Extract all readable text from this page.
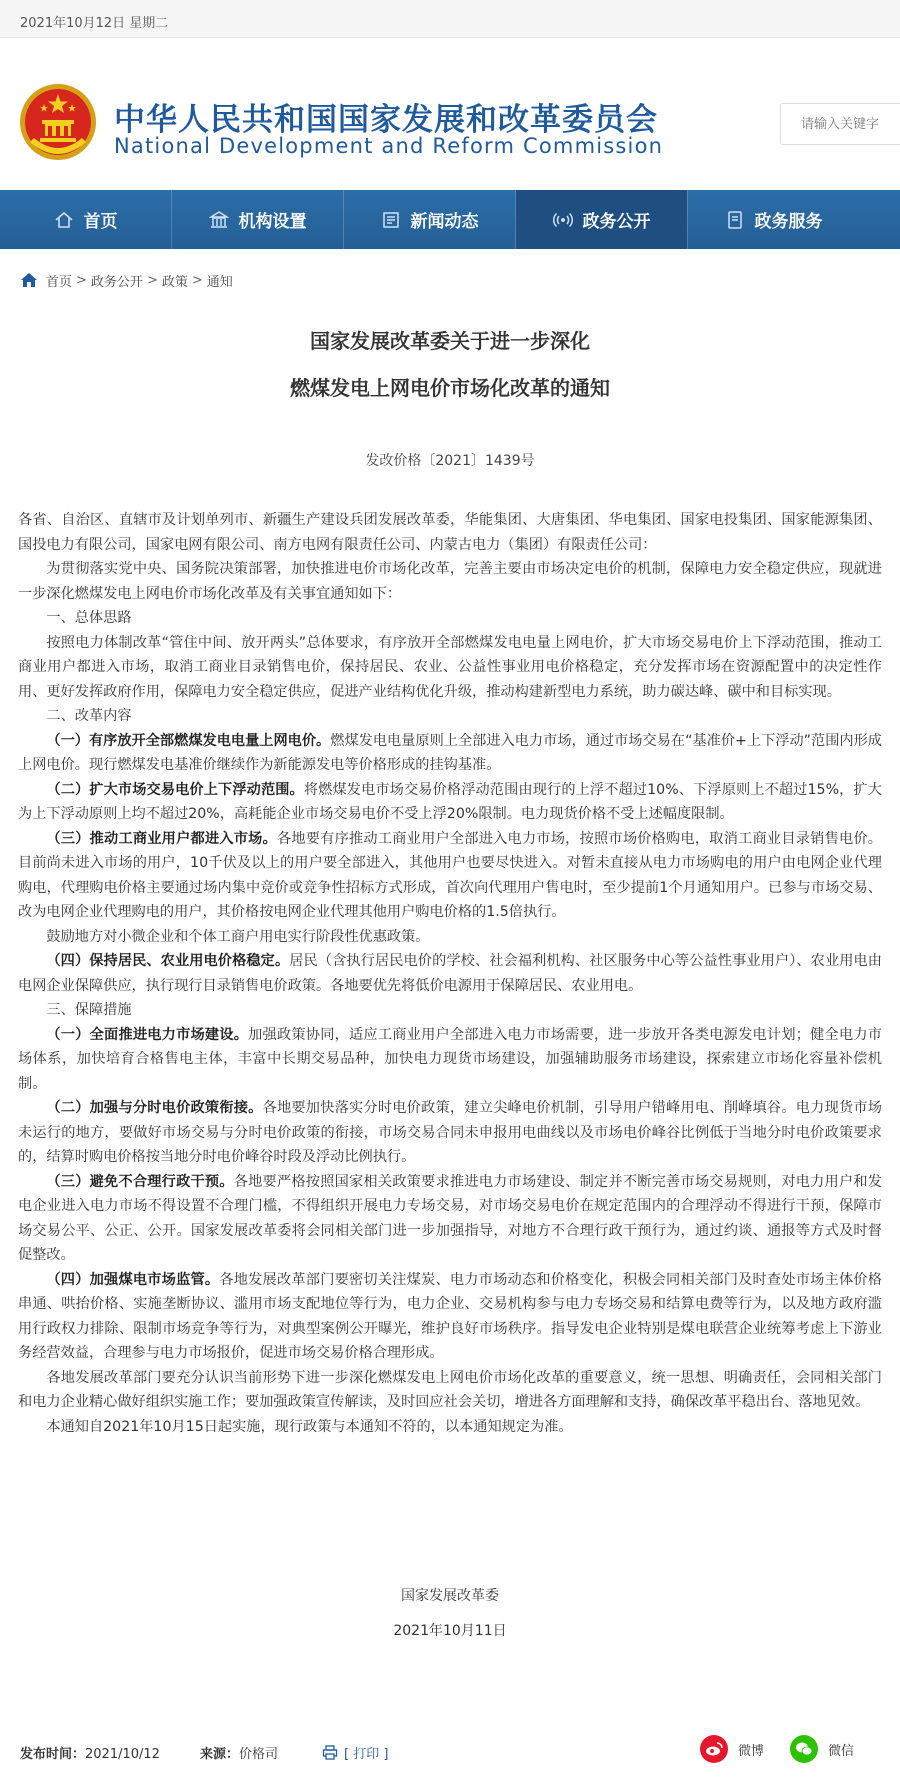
2021年10月12日 星期二
中华人民共和国国家发展和改革委员会
National Development and Reform Commission
请输入关键字
首页	机构设置	新闻动态	政务公开	政务服务
首页 > 政务公开 > 政策 > 通知
国家发展改革委关于进一步深化
燃煤发电上网电价市场化改革的通知
发改价格〔2021〕1439号

各省、自治区、直辖市及计划单列市、新疆生产建设兵团发展改革委，华能集团、大唐集团、华电集团、国家电投集团、国家能源集团、国投电力有限公司，国家电网有限公司、南方电网有限责任公司、内蒙古电力（集团）有限责任公司：

为贯彻落实党中央、国务院决策部署，加快推进电价市场化改革，完善主要由市场决定电价的机制，保障电力安全稳定供应，现就进一步深化燃煤发电上网电价市场化改革及有关事宜通知如下：

一、总体思路

按照电力体制改革“管住中间、放开两头”总体要求，有序放开全部燃煤发电电量上网电价，扩大市场交易电价上下浮动范围，推动工商业用户都进入市场，取消工商业目录销售电价，保持居民、农业、公益性事业用电价格稳定，充分发挥市场在资源配置中的决定性作用、更好发挥政府作用，保障电力安全稳定供应，促进产业结构优化升级，推动构建新型电力系统，助力碳达峰、碳中和目标实现。

二、改革内容

（一）有序放开全部燃煤发电电量上网电价。燃煤发电电量原则上全部进入电力市场，通过市场交易在“基准价+上下浮动”范围内形成上网电价。现行燃煤发电基准价继续作为新能源发电等价格形成的挂钩基准。

（二）扩大市场交易电价上下浮动范围。将燃煤发电市场交易价格浮动范围由现行的上浮不超过10%、下浮原则上不超过15%，扩大为上下浮动原则上均不超过20%，高耗能企业市场交易电价不受上浮20%限制。电力现货价格不受上述幅度限制。

（三）推动工商业用户都进入市场。各地要有序推动工商业用户全部进入电力市场，按照市场价格购电，取消工商业目录销售电价。目前尚未进入市场的用户，10千伏及以上的用户要全部进入，其他用户也要尽快进入。对暂未直接从电力市场购电的用户由电网企业代理购电，代理购电价格主要通过场内集中竞价或竞争性招标方式形成，首次向代理用户售电时，至少提前1个月通知用户。已参与市场交易、改为电网企业代理购电的用户，其价格按电网企业代理其他用户购电价格的1.5倍执行。

鼓励地方对小微企业和个体工商户用电实行阶段性优惠政策。

（四）保持居民、农业用电价格稳定。居民（含执行居民电价的学校、社会福利机构、社区服务中心等公益性事业用户）、农业用电由电网企业保障供应，执行现行目录销售电价政策。各地要优先将低价电源用于保障居民、农业用电。

三、保障措施

（一）全面推进电力市场建设。加强政策协同，适应工商业用户全部进入电力市场需要，进一步放开各类电源发电计划；健全电力市场体系，加快培育合格售电主体，丰富中长期交易品种，加快电力现货市场建设，加强辅助服务市场建设，探索建立市场化容量补偿机制。

（二）加强与分时电价政策衔接。各地要加快落实分时电价政策，建立尖峰电价机制，引导用户错峰用电、削峰填谷。电力现货市场未运行的地方，要做好市场交易与分时电价政策的衔接，市场交易合同未申报用电曲线以及市场电价峰谷比例低于当地分时电价政策要求的，结算时购电价格按当地分时电价峰谷时段及浮动比例执行。

（三）避免不合理行政干预。各地要严格按照国家相关政策要求推进电力市场建设、制定并不断完善市场交易规则，对电力用户和发电企业进入电力市场不得设置不合理门槛，不得组织开展电力专场交易，对市场交易电价在规定范围内的合理浮动不得进行干预，保障市场交易公平、公正、公开。国家发展改革委将会同相关部门进一步加强指导，对地方不合理行政干预行为，通过约谈、通报等方式及时督促整改。

（四）加强煤电市场监管。各地发展改革部门要密切关注煤炭、电力市场动态和价格变化，积极会同相关部门及时查处市场主体价格串通、哄抬价格、实施垄断协议、滥用市场支配地位等行为，电力企业、交易机构参与电力专场交易和结算电费等行为，以及地方政府滥用行政权力排除、限制市场竞争等行为，对典型案例公开曝光，维护良好市场秩序。指导发电企业特别是煤电联营企业统筹考虑上下游业务经营效益，合理参与电力市场报价，促进市场交易价格合理形成。

各地发展改革部门要充分认识当前形势下进一步深化燃煤发电上网电价市场化改革的重要意义，统一思想、明确责任，会同相关部门和电力企业精心做好组织实施工作；要加强政策宣传解读，及时回应社会关切，增进各方面理解和支持，确保改革平稳出台、落地见效。

本通知自2021年10月15日起实施，现行政策与本通知不符的，以本通知规定为准。

国家发展改革委
2021年10月11日
发布时间：2021/10/12	来源：价格司	[ 打印 ]	微博	微信
